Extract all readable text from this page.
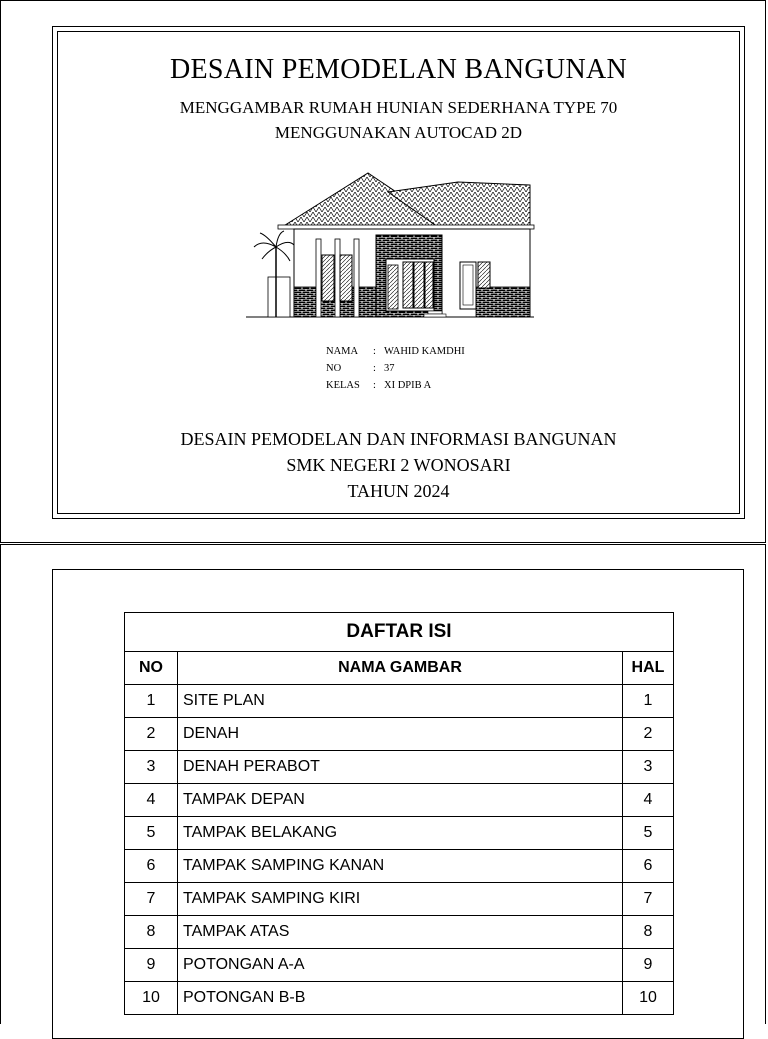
DESAIN PEMODELAN BANGUNAN
MENGGAMBAR RUMAH HUNIAN SEDERHANA TYPE 70
MENGGUNAKAN AUTOCAD 2D
NAMA : WAHID KAMDHI
NO	: 37
KELAS : XI DPIB A
DESAIN PEMODELAN DAN INFORMASI BANGUNAN
SMK NEGERI 2 WONOSARI
TAHUN 2024
DAFTAR ISI		
NO	NAMA GAMBAR	HAL
1	SITE PLAN	1
2	DENAH	2
3	DENAH PERABOT	3
4	TAMPAK DEPAN	4
5	TAMPAK BELAKANG	5
6	TAMPAK SAMPING KANAN	6
7	TAMPAK SAMPING KIRI	7
8	TAMPAK ATAS	8
9	POTONGAN A-A	9
10	POTONGAN B-B	10
